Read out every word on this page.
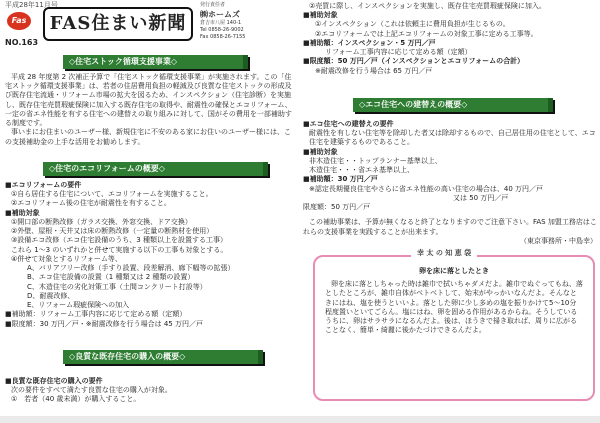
平成28年11月号
Fas
NO.163
FAS住まい新聞
発行責任者
㈱ホームズ
倉吉市八屋 140-1
Tel 0858-26-9002
Fax 0858-26-7155
◇住宅ストック循環支援事業◇
平成 28 年度第 2 次補正予算で「住宅ストック循環支援事業」が実施されます。この「住宅ストック循環支援事業」は、若者の住居費用負担の軽減及び良質な住宅ストックの形成及び既存住宅流通・リフォーム市場の拡大を図るため、インスペクション（住宅診断）を実施し、既存住宅売買瑕疵保険に加入する既存住宅の取得や、耐震性の確保とエコリフォーム、一定の省エネ性能を有する住宅への建替えの取り組みに対して、国がその費用を一部補助する制度です。
事いまにお住まいのユーザー様、新規住宅に不安のある家にお住いのユーザー様には、この支援補助金の上手な活用をお勧めします。
◇住宅のエコリフォームの概要◇
■エコリフォームの要件
①自ら居住する住宅について、エコリフォームを実施すること。
②エコリフォーム後の住宅が耐震性を有すること。
■補助対象
①開口部の断熱改修（ガラス交換、外窓交換、ドア交換）
②外壁、屋根・天井又は床の断熱改修（一定量の断熱材を使用）
③設備エコ改修（エコ住宅設備のうち、3 種類以上を設置する工事）
これら 1〜3 のいずれかと併せて実施する以下の工事も対象とする。
④併せて対象とするリフォーム等、
A、バリアフリー改修（手すり設置、段差解消、廊下幅等の拡張）
B、エコ住宅設備の設置（1 種類又は 2 種類の設置）
C、木造住宅の劣化対策工事（土間コンクリート打設等）
D、耐震改修、
E、リフォーム瑕疵保険への加入
■補助額：リフォーム工事内容に応じて定める額（定額）
■限度額：30 万円／戸・※耐震改修を行う場合は 45 万円／戸
◇良質な既存住宅の購入の概要◇
■良質な既存住宅の購入の要件
次の要件をすべて満たす良質な住宅の購入が対象。
①　若者（40 歳未満）が購入すること。
②売買に際し、インスペクションを実施し、既存住宅売買瑕疵保険に加入。
■補助対象
①インスペクション（これは依頼主に費用負担が生じるもの。
②エコリフォームでは上記エコリフォームの対象工事に定める工事等。
■補助額：インスペクション・5 万円／戸
リフォーム工事内容に応じて定める額（定額）
■限度額：50 万円／戸（インスペクションとエコリフォームの合計）
※耐震改修を行う場合は 65 万円／戸
◇エコ住宅への建替えの概要◇
■エコ住宅への建替えの要件
耐震性を有しない住宅等を除却した者又は除却するもので、自己居住用の住宅として、エコ住宅を建築するものであること。
■補助対象
非木造住宅・・トップランナー基準以上、
木造住宅・・・省エネ基準以上、
■補助額：30 万円／戸
※認定長期優良住宅やさらに省エネ性能の高い住宅の場合は、40 万円／戸
又は 50 万円／戸
限度額：50 万円／戸
この補助事業は、予算が無くなると終了となりますのでご注意下さい。FAS 加盟工務店はこれらの支援事業を実践することが出来ます。
（東京事務所・中島幸）
幸 太 の 知 恵 袋
卵を床に落としたとき
卵を床に落としちゃった時は雑巾で拭いちゃダメだよ。雑巾でぬぐってもね、落としたところが、雑巾自体がベトベトして、始末がやっかいなんだよ。そんなときにはね、塩を使うといいよ。落とした卵に少し多めの塩を振りかけて5〜10分程度置いといてごらん。塩にはね、卵を固める作用があるからね。そうしているうちに、卵はサラサラになるんだよ。後は、ほうきで掃き取れば、周りに広がることなく、簡単・綺麗に後かたづけできるんだよ。
